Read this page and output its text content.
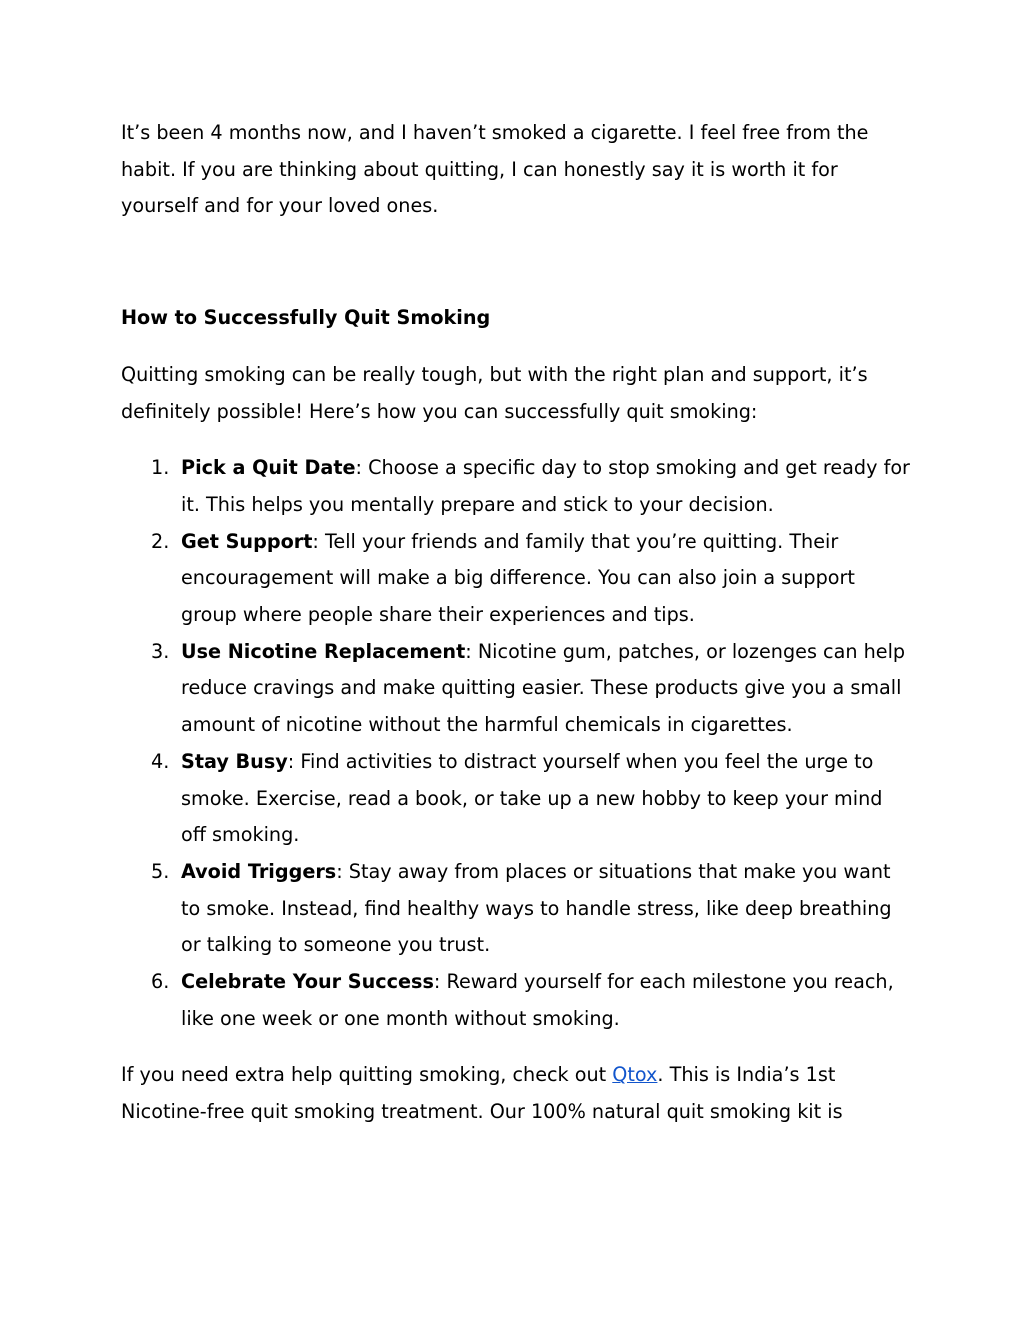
It’s been 4 months now, and I haven’t smoked a cigarette. I feel free from the habit. If you are thinking about quitting, I can honestly say it is worth it for yourself and for your loved ones.

How to Successfully Quit Smoking

Quitting smoking can be really tough, but with the right plan and support, it’s definitely possible! Here’s how you can successfully quit smoking:

1. Pick a Quit Date: Choose a specific day to stop smoking and get ready for it. This helps you mentally prepare and stick to your decision.
2. Get Support: Tell your friends and family that you’re quitting. Their encouragement will make a big difference. You can also join a support group where people share their experiences and tips.
3. Use Nicotine Replacement: Nicotine gum, patches, or lozenges can help reduce cravings and make quitting easier. These products give you a small amount of nicotine without the harmful chemicals in cigarettes.
4. Stay Busy: Find activities to distract yourself when you feel the urge to smoke. Exercise, read a book, or take up a new hobby to keep your mind off smoking.
5. Avoid Triggers: Stay away from places or situations that make you want to smoke. Instead, find healthy ways to handle stress, like deep breathing or talking to someone you trust.
6. Celebrate Your Success: Reward yourself for each milestone you reach, like one week or one month without smoking.

If you need extra help quitting smoking, check out Qtox. This is India’s 1st Nicotine-free quit smoking treatment. Our 100% natural quit smoking kit is
